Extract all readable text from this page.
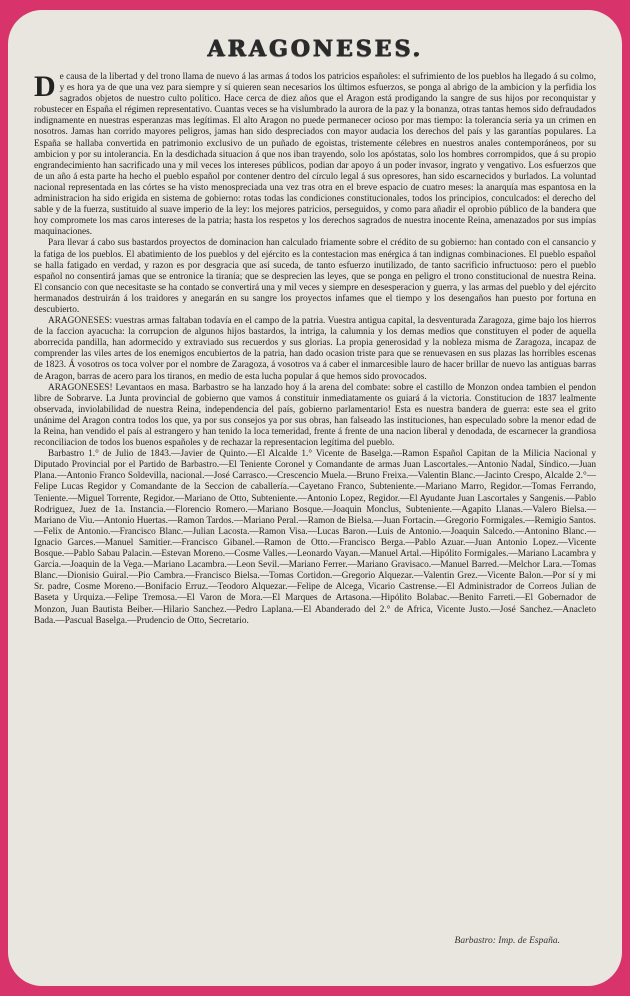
ARAGONESES.

De causa de la libertad y del trono llama de nuevo á las armas á todos los patricios españoles: el sufrimiento de los pueblos ha llegado á su colmo, y es hora ya de que una vez para siempre y sí quieren sean necesarios los últimos esfuerzos, se ponga al abrigo de la ambicion y la perfidia los sagrados objetos de nuestro culto político. Hace cerca de diez años que el Aragon está prodigando la sangre de sus hijos por reconquistar y robustecer en España el régimen representativo. Cuantas veces se ha vislumbrado la aurora de la paz y la bonanza, otras tantas hemos sido defraudados indignamente en nuestras esperanzas mas legítimas. El alto Aragon no puede permanecer ocioso por mas tiempo: la tolerancia seria ya un crimen en nosotros. Jamas han corrido mayores peligros, jamas han sido despreciados con mayor audacia los derechos del país y las garantías populares. La España se hallaba convertida en patrimonio exclusivo de un puñado de egoistas, tristemente célebres en nuestros anales contemporáneos, por su ambicion y por su intolerancia. En la desdichada situacion á que nos iban trayendo, solo los apóstatas, solo los hombres corrompidos, que á su propio engrandecimiento han sacrificado una y mil veces los intereses públicos, podian dar apoyo á un poder invasor, ingrato y vengativo. Los esfuerzos que de un año á esta parte ha hecho el pueblo español por contener dentro del círculo legal á sus opresores, han sido escarnecidos y burlados. La voluntad nacional representada en las córtes se ha visto menospreciada una vez tras otra en el breve espacio de cuatro meses: la anarquía mas espantosa en la administracion ha sido erigida en sistema de gobierno: rotas todas las condiciones constitucionales, todos los principios, conculcados: el derecho del sable y de la fuerza, sustituido al suave imperio de la ley: los mejores patricios, perseguidos, y como para añadir el oprobio público de la bandera que hoy compromete los mas caros intereses de la patria; hasta los respetos y los derechos sagrados de nuestra inocente Reina, amenazados por sus impías maquinaciones.

Para llevar á cabo sus bastardos proyectos de dominacion han calculado friamente sobre el crédito de su gobierno: han contado con el cansancio y la fatiga de los pueblos. El abatimiento de los pueblos y del ejército es la contestacion mas enérgica á tan indignas combinaciones. El pueblo español se halla fatigado en verdad, y razon es por desgracia que así suceda, de tanto esfuerzo inutilizado, de tanto sacrificio infructuoso: pero el pueblo español no consentirá jamas que se entronice la tiranía; que se desprecien las leyes, que se ponga en peligro el trono constitucional de nuestra Reina. El consancio con que necesitaste se ha contado se convertirá una y mil veces y siempre en desesperacion y guerra, y las armas del pueblo y del ejército hermanados destruirán á los traidores y anegarán en su sangre los proyectos infames que el tiempo y los desengaños han puesto por fortuna en descubierto.

ARAGONESES: vuestras armas faltaban todavía en el campo de la patria. Vuestra antigua capital, la desventurada Zaragoza, gime bajo los hierros de la faccion ayacucha: la corrupcion de algunos hijos bastardos, la intriga, la calumnia y los demas medios que constituyen el poder de aquella aborrecida pandilla, han adormecido y extraviado sus recuerdos y sus glorias. La propia generosidad y la nobleza misma de Zaragoza, incapaz de comprender las viles artes de los enemigos encubiertos de la patria, han dado ocasion triste para que se renuevasen en sus plazas las horribles escenas de 1823. Á vosotros os toca volver por el nombre de Zaragoza, á vosotros va á caber el inmarcesible lauro de hacer brillar de nuevo las antiguas barras de Aragon, barras de acero para los tiranos, en medio de esta lucha popular á que hemos sido provocados.

ARAGONESES! Levantaos en masa. Barbastro se ha lanzado hoy á la arena del combate: sobre el castillo de Monzon ondea tambien el pendon libre de Sobrarve. La Junta provincial de gobierno que vamos á constituir inmediatamente os guiará á la victoria. Constitucion de 1837 lealmente observada, inviolabilidad de nuestra Reina, independencia del país, gobierno parlamentario! Esta es nuestra bandera de guerra: este sea el grito unánime del Aragon contra todos los que, ya por sus consejos ya por sus obras, han falseado las instituciones, han especulado sobre la menor edad de la Reina, han vendido el país al estrangero y han tenido la loca temeridad, frente á frente de una nacion liberal y denodada, de escarnecer la grandiosa reconciliacion de todos los buenos españoles y de rechazar la representacion legítima del pueblo.

Barbastro 1.° de Julio de 1843.—Javier de Quinto.—El Alcalde 1.° Vicente de Baselga.—Ramon Español Capitan de la Milicia Nacional y Diputado Provincial por el Partido de Barbastro.—El Teniente Coronel y Comandante de armas Juan Lascortales.—Antonio Nadal, Síndico.—Juan Plana.—Antonio Franco Soldevilla, nacional.—José Carrasco.—Crescencio Muela.—Bruno Freixa.—Valentin Blanc.—Jacinto Crespo, Alcalde 2.°—Felipe Lucas Regidor y Comandante de la Seccion de caballería.—Cayetano Franco, Subteniente.—Mariano Marro, Regidor.—Tomas Ferrando, Teniente.—Miguel Torrente, Regidor.—Mariano de Otto, Subteniente.—Antonio Lopez, Regidor.—El Ayudante Juan Lascortales y Sangenis.—Pablo Rodriguez, Juez de 1a. Instancia.—Florencio Romero.—Mariano Bosque.—Joaquin Monclus, Subteniente.—Agapito Llanas.—Valero Bielsa.—Mariano de Viu.—Antonio Huertas.—Ramon Tardos.—Mariano Peral.—Ramon de Bielsa.—Juan Fortacin.—Gregorio Formigales.—Remigio Santos.—Felix de Antonio.—Francisco Blanc.—Julian Lacosta.—Ramon Visa.—Lucas Baron.—Luis de Antonio.—Joaquin Salcedo.—Antonino Blanc.—Ignacio Garces.—Manuel Samitier.—Francisco Gibanel.—Ramon de Otto.—Francisco Berga.—Pablo Azuar.—Juan Antonio Lopez.—Vicente Bosque.—Pablo Sabau Palacin.—Estevan Moreno.—Cosme Valles.—Leonardo Vayan.—Manuel Artal.—Hipólito Formigales.—Mariano Lacambra y Garcia.—Joaquin de la Vega.—Mariano Lacambra.—Leon Sevil.—Mariano Ferrer.—Mariano Gravisaco.—Manuel Barred.—Melchor Lara.—Tomas Blanc.—Dionisio Guiral.—Pio Cambra.—Francisco Bielsa.—Tomas Cortidon.—Gregorio Alquezar.—Valentin Grez.—Vicente Balon.—Por sí y mi Sr. padre, Cosme Moreno.—Bonifacio Erruz.—Teodoro Alquezar.—Felipe de Alcega, Vicario Castrense.—El Administrador de Correos Julian de Baseta y Urquiza.—Felipe Tremosa.—El Varon de Mora.—El Marques de Artasona.—Hipólito Bolabac.—Benito Farreti.—El Gobernador de Monzon, Juan Bautista Beiber.—Hilario Sanchez.—Pedro Laplana.—El Abanderado del 2.° de Africa, Vicente Justo.—José Sanchez.—Anacleto Bada.—Pascual Baselga.—Prudencio de Otto, Secretario.

Barbastro: Imp. de España.
